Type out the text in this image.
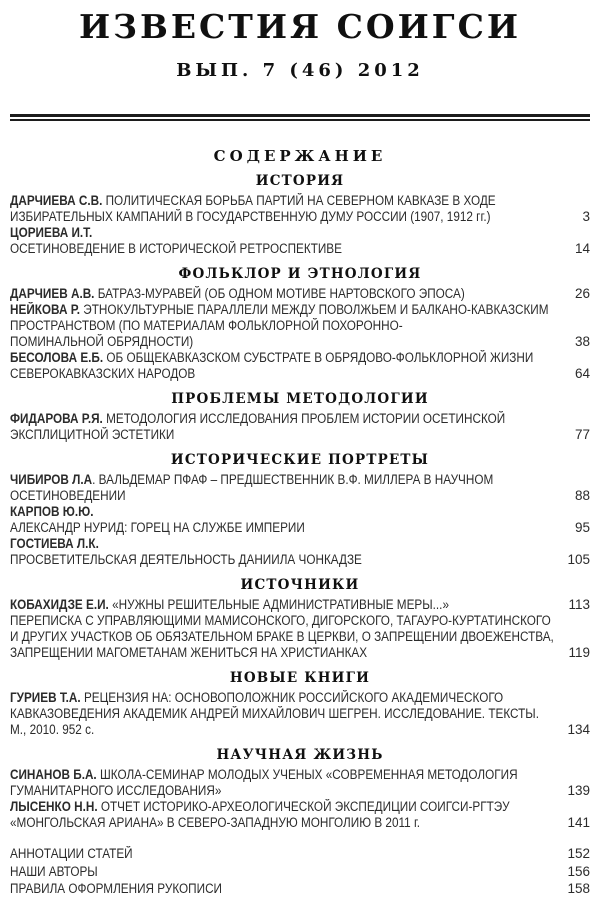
ИЗВЕСТИЯ СОИГСИ
ВЫП. 7 (46) 2012
СОДЕРЖАНИЕ
ИСТОРИЯ
ДАРЧИЕВА С.В. ПОЛИТИЧЕСКАЯ БОРЬБА ПАРТИЙ НА СЕВЕРНОМ КАВКАЗЕ В ХОДЕ
ИЗБИРАТЕЛЬНЫХ КАМПАНИЙ В ГОСУДАРСТВЕННУЮ ДУМУ РОССИИ (1907, 1912 гг.)	3
ЦОРИЕВА И.Т.
ОСЕТИНОВЕДЕНИЕ В ИСТОРИЧЕСКОЙ РЕТРОСПЕКТИВЕ	14
ФОЛЬКЛОР И ЭТНОЛОГИЯ
ДАРЧИЕВ А.В. БАТРАЗ-МУРАВЕЙ (ОБ ОДНОМ МОТИВЕ НАРТОВСКОГО ЭПОСА)	26
НЕЙКОВА Р. ЭТНОКУЛЬТУРНЫЕ ПАРАЛЛЕЛИ МЕЖДУ ПОВОЛЖЬЕМ И БАЛКАНО-КАВКАЗСКИМ
ПРОСТРАНСТВОМ (ПО МАТЕРИАЛАМ ФОЛЬКЛОРНОЙ ПОХОРОННО-
ПОМИНАЛЬНОЙ ОБРЯДНОСТИ)	38
БЕСОЛОВА Е.Б. ОБ ОБЩЕКАВКАЗСКОМ СУБСТРАТЕ В ОБРЯДОВО-ФОЛЬКЛОРНОЙ ЖИЗНИ
СЕВЕРОКАВКАЗСКИХ НАРОДОВ	64
ПРОБЛЕМЫ МЕТОДОЛОГИИ
ФИДАРОВА Р.Я. МЕТОДОЛОГИЯ ИССЛЕДОВАНИЯ ПРОБЛЕМ ИСТОРИИ ОСЕТИНСКОЙ
ЭКСПЛИЦИТНОЙ ЭСТЕТИКИ	77
ИСТОРИЧЕСКИЕ ПОРТРЕТЫ
ЧИБИРОВ Л.А. ВАЛЬДЕМАР ПФАФ – ПРЕДШЕСТВЕННИК В.Ф. МИЛЛЕРА В НАУЧНОМ
ОСЕТИНОВЕДЕНИИ	88
КАРПОВ Ю.Ю.
АЛЕКСАНДР НУРИД: ГОРЕЦ НА СЛУЖБЕ ИМПЕРИИ	95
ГОСТИЕВА Л.К.
ПРОСВЕТИТЕЛЬСКАЯ ДЕЯТЕЛЬНОСТЬ ДАНИИЛА ЧОНКАДЗЕ	105
ИСТОЧНИКИ
КОБАХИДЗЕ Е.И. «НУЖНЫ РЕШИТЕЛЬНЫЕ АДМИНИСТРАТИВНЫЕ МЕРЫ...»	113
ПЕРЕПИСКА С УПРАВЛЯЮЩИМИ МАМИСОНСКОГО, ДИГОРСКОГО, ТАГАУРО-КУРТАТИНСКОГО
И ДРУГИХ УЧАСТКОВ ОБ ОБЯЗАТЕЛЬНОМ БРАКЕ В ЦЕРКВИ, О ЗАПРЕЩЕНИИ ДВОЕЖЕНСТВА,
ЗАПРЕЩЕНИИ МАГОМЕТАНАМ ЖЕНИТЬСЯ НА ХРИСТИАНКАХ	119
НОВЫЕ КНИГИ
ГУРИЕВ Т.А. РЕЦЕНЗИЯ НА: ОСНОВОПОЛОЖНИК РОССИЙСКОГО АКАДЕМИЧЕСКОГО
КАВКАЗОВЕДЕНИЯ АКАДЕМИК АНДРЕЙ МИХАЙЛОВИЧ ШЕГРЕН. ИССЛЕДОВАНИЕ. ТЕКСТЫ.
М., 2010. 952 с.	134
НАУЧНАЯ ЖИЗНЬ
СИНАНОВ Б.А. ШКОЛА-СЕМИНАР МОЛОДЫХ УЧЕНЫХ «СОВРЕМЕННАЯ МЕТОДОЛОГИЯ
ГУМАНИТАРНОГО ИССЛЕДОВАНИЯ»	139
ЛЫСЕНКО Н.Н. ОТЧЕТ ИСТОРИКО-АРХЕОЛОГИЧЕСКОЙ ЭКСПЕДИЦИИ СОИГСИ-РГТЭУ
«МОНГОЛЬСКАЯ АРИАНА» В СЕВЕРО-ЗАПАДНУЮ МОНГОЛИЮ В 2011 г.	141
АННОТАЦИИ СТАТЕЙ	152
НАШИ АВТОРЫ	156
ПРАВИЛА ОФОРМЛЕНИЯ РУКОПИСИ	158
